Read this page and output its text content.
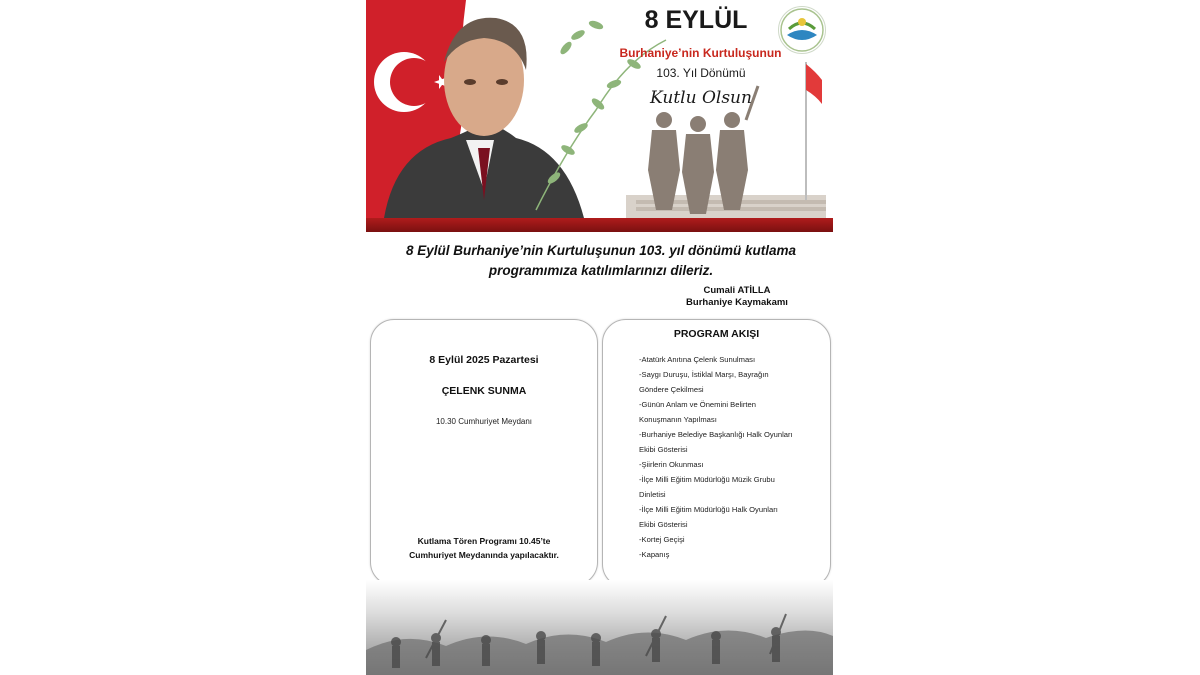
8 EYLÜL
Burhaniye’nin Kurtuluşunun
103. Yıl Dönümü
Kutlu Olsun
8 Eylül Burhaniye’nin Kurtuluşunun 103. yıl dönümü kutlama
programımıza katılımlarınızı dileriz.
Cumali ATİLLA
Burhaniye Kaymakamı
8 Eylül 2025 Pazartesi
ÇELENK SUNMA
10.30 Cumhuriyet Meydanı
Kutlama Tören Programı 10.45’te
Cumhuriyet Meydanında yapılacaktır.
PROGRAM AKIŞI
-Atatürk Anıtına Çelenk Sunulması
-Saygı Duruşu, İstiklal Marşı, Bayrağın
Göndere Çekilmesi
-Günün Anlam ve Önemini Belirten
Konuşmanın Yapılması
-Burhaniye Belediye Başkanlığı Halk Oyunları
Ekibi Gösterisi
-Şiirlerin Okunması
-İlçe Milli Eğitim Müdürlüğü Müzik Grubu
Dinletisi
-İlçe Milli Eğitim Müdürlüğü Halk Oyunları
Ekibi Gösterisi
-Kortej Geçişi
-Kapanış
